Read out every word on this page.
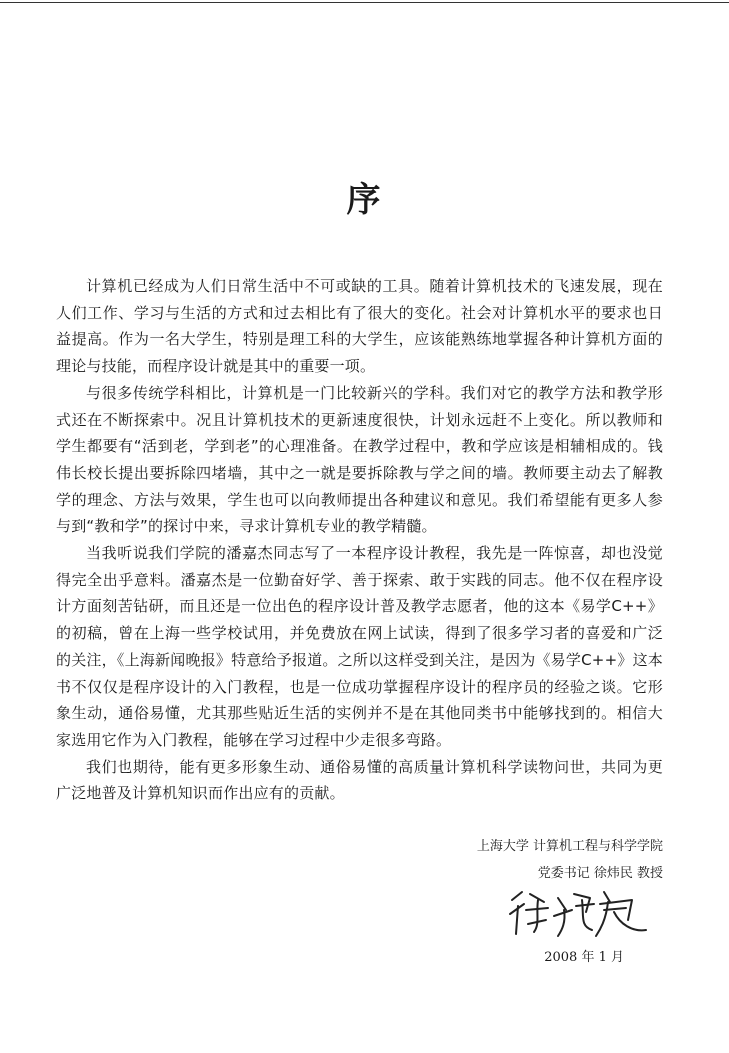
序

计算机已经成为人们日常生活中不可或缺的工具。随着计算机技术的飞速发展，现在人们工作、学习与生活的方式和过去相比有了很大的变化。社会对计算机水平的要求也日益提高。作为一名大学生，特别是理工科的大学生，应该能熟练地掌握各种计算机方面的理论与技能，而程序设计就是其中的重要一项。

与很多传统学科相比，计算机是一门比较新兴的学科。我们对它的教学方法和教学形式还在不断探索中。况且计算机技术的更新速度很快，计划永远赶不上变化。所以教师和学生都要有“活到老，学到老”的心理准备。在教学过程中，教和学应该是相辅相成的。钱伟长校长提出要拆除四堵墙，其中之一就是要拆除教与学之间的墙。教师要主动去了解教学的理念、方法与效果，学生也可以向教师提出各种建议和意见。我们希望能有更多人参与到“教和学”的探讨中来，寻求计算机专业的教学精髓。

当我听说我们学院的潘嘉杰同志写了一本程序设计教程，我先是一阵惊喜，却也没觉得完全出乎意料。潘嘉杰是一位勤奋好学、善于探索、敢于实践的同志。他不仅在程序设计方面刻苦钻研，而且还是一位出色的程序设计普及教学志愿者，他的这本《易学C++》的初稿，曾在上海一些学校试用，并免费放在网上试读，得到了很多学习者的喜爱和广泛的关注，《上海新闻晚报》特意给予报道。之所以这样受到关注，是因为《易学C++》这本书不仅仅是程序设计的入门教程，也是一位成功掌握程序设计的程序员的经验之谈。它形象生动，通俗易懂，尤其那些贴近生活的实例并不是在其他同类书中能够找到的。相信大家选用它作为入门教程，能够在学习过程中少走很多弯路。

我们也期待，能有更多形象生动、通俗易懂的高质量计算机科学读物问世，共同为更广泛地普及计算机知识而作出应有的贡献。

上海大学 计算机工程与科学学院
党委书记 徐炜民 教授
2008 年 1 月
